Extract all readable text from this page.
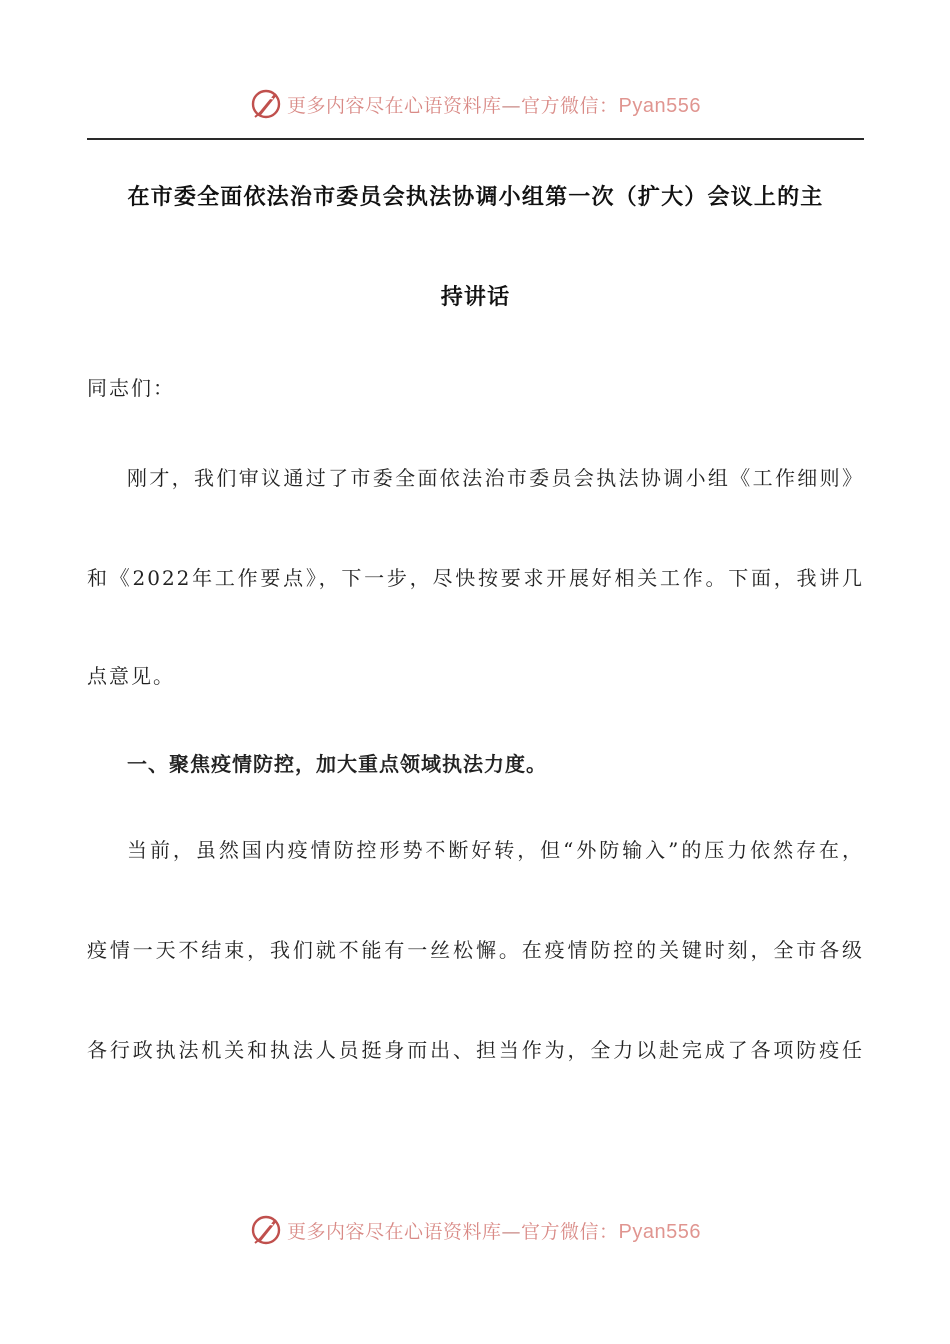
更多内容尽在心语资料库—官方微信：Pyan556
在市委全面依法治市委员会执法协调小组第一次（扩大）会议上的主
持讲话
同志们：
刚才，我们审议通过了市委全面依法治市委员会执法协调小组《工作细则》
和《2022年工作要点》，下一步，尽快按要求开展好相关工作。下面，我讲几
点意见。
一、聚焦疫情防控，加大重点领域执法力度。
当前，虽然国内疫情防控形势不断好转，但“外防输入”的压力依然存在，
疫情一天不结束，我们就不能有一丝松懈。在疫情防控的关键时刻，全市各级
各行政执法机关和执法人员挺身而出、担当作为，全力以赴完成了各项防疫任
更多内容尽在心语资料库—官方微信：Pyan556
